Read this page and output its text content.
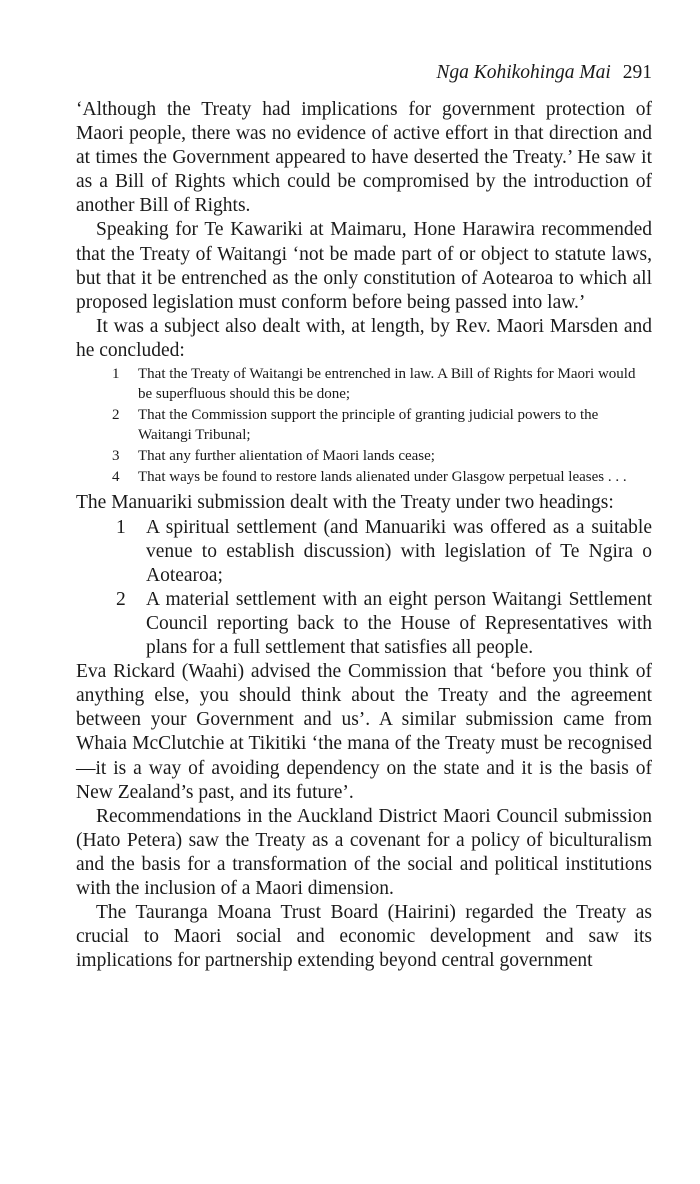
Nga Kohikohinga Mai 291

‘Although the Treaty had implications for government protection of Maori people, there was no evidence of active effort in that direction and at times the Government appeared to have deserted the Treaty.’ He saw it as a Bill of Rights which could be compromised by the introduction of another Bill of Rights.

Speaking for Te Kawariki at Maimaru, Hone Harawira recommended that the Treaty of Waitangi ‘not be made part of or object to statute laws, but that it be entrenched as the only constitution of Aotearoa to which all proposed legislation must conform before being passed into law.’

It was a subject also dealt with, at length, by Rev. Maori Marsden and he concluded:

1	That the Treaty of Waitangi be entrenched in law. A Bill of Rights for Maori would be superfluous should this be done;
2	That the Commission support the principle of granting judicial powers to the Waitangi Tribunal;
3	That any further alientation of Maori lands cease;
4	That ways be found to restore lands alienated under Glasgow perpetual leases . . .

The Manuariki submission dealt with the Treaty under two headings:

1	A spiritual settlement (and Manuariki was offered as a suitable venue to establish discussion) with legislation of Te Ngira o Aotearoa;
2	A material settlement with an eight person Waitangi Settlement Council reporting back to the House of Representatives with plans for a full settlement that satisfies all people.

Eva Rickard (Waahi) advised the Commission that ‘before you think of anything else, you should think about the Treaty and the agreement between your Government and us’. A similar submission came from Whaia McClutchie at Tikitiki ‘the mana of the Treaty must be recognised —it is a way of avoiding dependency on the state and it is the basis of New Zealand’s past, and its future’.

Recommendations in the Auckland District Maori Council submission (Hato Petera) saw the Treaty as a covenant for a policy of biculturalism and the basis for a transformation of the social and political institutions with the inclusion of a Maori dimension.

The Tauranga Moana Trust Board (Hairini) regarded the Treaty as crucial to Maori social and economic development and saw its implications for partnership extending beyond central government
